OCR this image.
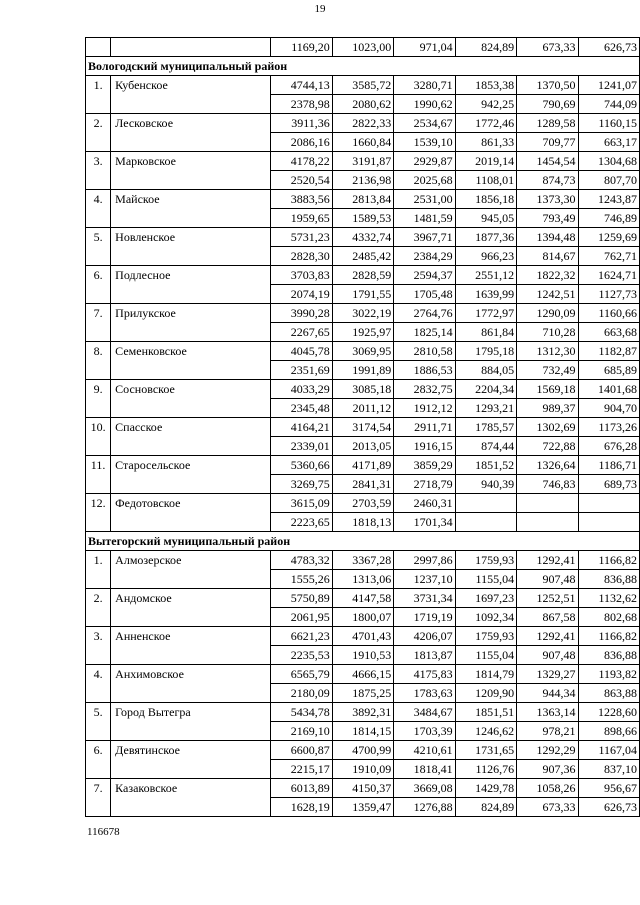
19
		1169,20	1023,00	971,04	824,89	673,33	626,73
Вологодский муниципальный район							
1.	Кубенское	4744,13	3585,72	3280,71	1853,38	1370,50	1241,07
		2378,98	2080,62	1990,62	942,25	790,69	744,09
2.	Лесковское	3911,36	2822,33	2534,67	1772,46	1289,58	1160,15
		2086,16	1660,84	1539,10	861,33	709,77	663,17
3.	Марковское	4178,22	3191,87	2929,87	2019,14	1454,54	1304,68
		2520,54	2136,98	2025,68	1108,01	874,73	807,70
4.	Майское	3883,56	2813,84	2531,00	1856,18	1373,30	1243,87
		1959,65	1589,53	1481,59	945,05	793,49	746,89
5.	Новленское	5731,23	4332,74	3967,71	1877,36	1394,48	1259,69
		2828,30	2485,42	2384,29	966,23	814,67	762,71
6.	Подлесное	3703,83	2828,59	2594,37	2551,12	1822,32	1624,71
		2074,19	1791,55	1705,48	1639,99	1242,51	1127,73
7.	Прилукское	3990,28	3022,19	2764,76	1772,97	1290,09	1160,66
		2267,65	1925,97	1825,14	861,84	710,28	663,68
8.	Семенковское	4045,78	3069,95	2810,58	1795,18	1312,30	1182,87
		2351,69	1991,89	1886,53	884,05	732,49	685,89
9.	Сосновское	4033,29	3085,18	2832,75	2204,34	1569,18	1401,68
		2345,48	2011,12	1912,12	1293,21	989,37	904,70
10.	Спасское	4164,21	3174,54	2911,71	1785,57	1302,69	1173,26
		2339,01	2013,05	1916,15	874,44	722,88	676,28
11.	Старосельское	5360,66	4171,89	3859,29	1851,52	1326,64	1186,71
		3269,75	2841,31	2718,79	940,39	746,83	689,73
12.	Федотовское	3615,09	2703,59	2460,31			
		2223,65	1818,13	1701,34			
Вытегорский муниципальный район							
1.	Алмозерское	4783,32	3367,28	2997,86	1759,93	1292,41	1166,82
		1555,26	1313,06	1237,10	1155,04	907,48	836,88
2.	Андомское	5750,89	4147,58	3731,34	1697,23	1252,51	1132,62
		2061,95	1800,07	1719,19	1092,34	867,58	802,68
3.	Анненское	6621,23	4701,43	4206,07	1759,93	1292,41	1166,82
		2235,53	1910,53	1813,87	1155,04	907,48	836,88
4.	Анхимовское	6565,79	4666,15	4175,83	1814,79	1329,27	1193,82
		2180,09	1875,25	1783,63	1209,90	944,34	863,88
5.	Город Вытегра	5434,78	3892,31	3484,67	1851,51	1363,14	1228,60
		2169,10	1814,15	1703,39	1246,62	978,21	898,66
6.	Девятинское	6600,87	4700,99	4210,61	1731,65	1292,29	1167,04
		2215,17	1910,09	1818,41	1126,76	907,36	837,10
7.	Казаковское	6013,89	4150,37	3669,08	1429,78	1058,26	956,67
		1628,19	1359,47	1276,88	824,89	673,33	626,73
116678
